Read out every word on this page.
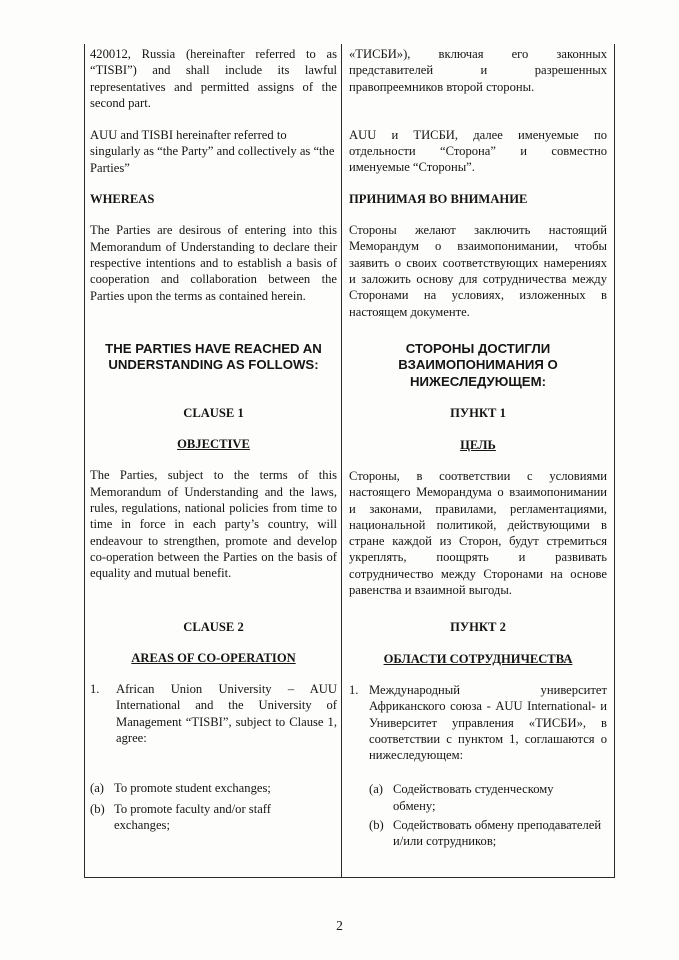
420012, Russia (hereinafter referred to as “TISBI”) and shall include its lawful representatives and permitted assigns of the second part.

AUU and TISBI hereinafter referred to singularly as “the Party” and collectively as “the Parties”

WHEREAS

The Parties are desirous of entering into this Memorandum of Understanding to declare their respective intentions and to establish a basis of cooperation and collaboration between the Parties upon the terms as contained herein.

THE PARTIES HAVE REACHED AN UNDERSTANDING AS FOLLOWS:

CLAUSE 1

OBJECTIVE

The Parties, subject to the terms of this Memorandum of Understanding and the laws, rules, regulations, national policies from time to time in force in each party’s country, will endeavour to strengthen, promote and develop co-operation between the Parties on the basis of equality and mutual benefit.

CLAUSE 2

AREAS OF CO-OPERATION

1.	African Union University – AUU International and the University of Management “TISBI”, subject to Clause 1, agree:
(a) To promote student exchanges;
(b) To promote faculty and/or staff exchanges;

«ТИСБИ»), включая его законных представителей и разрешенных правопреемников второй стороны.

AUU и ТИСБИ, далее именуемые по отдельности “Сторона” и совместно именуемые “Стороны”.

ПРИНИМАЯ ВО ВНИМАНИЕ

Стороны желают заключить настоящий Меморандум о взаимопонимании, чтобы заявить о своих соответствующих намерениях и заложить основу для сотрудничества между Сторонами на условиях, изложенных в настоящем документе.

СТОРОНЫ ДОСТИГЛИ ВЗАИМОПОНИМАНИЯ О НИЖЕСЛЕДУЮЩЕМ:

ПУНКТ 1

ЦЕЛЬ

Стороны, в соответствии с условиями настоящего Меморандума о взаимопонимании и законами, правилами, регламентациями, национальной политикой, действующими в стране каждой из Сторон, будут стремиться укреплять, поощрять и развивать сотрудничество между Сторонами на основе равенства и взаимной выгоды.

ПУНКТ 2

ОБЛАСТИ СОТРУДНИЧЕСТВА

1. Международный университет Африканского союза - AUU International- и Университет управления «ТИСБИ», в соответствии с пунктом 1, соглашаются о нижеследующем:
(a) Содействовать студенческому обмену;
(b) Содействовать обмену преподавателей и/или сотрудников;
2
